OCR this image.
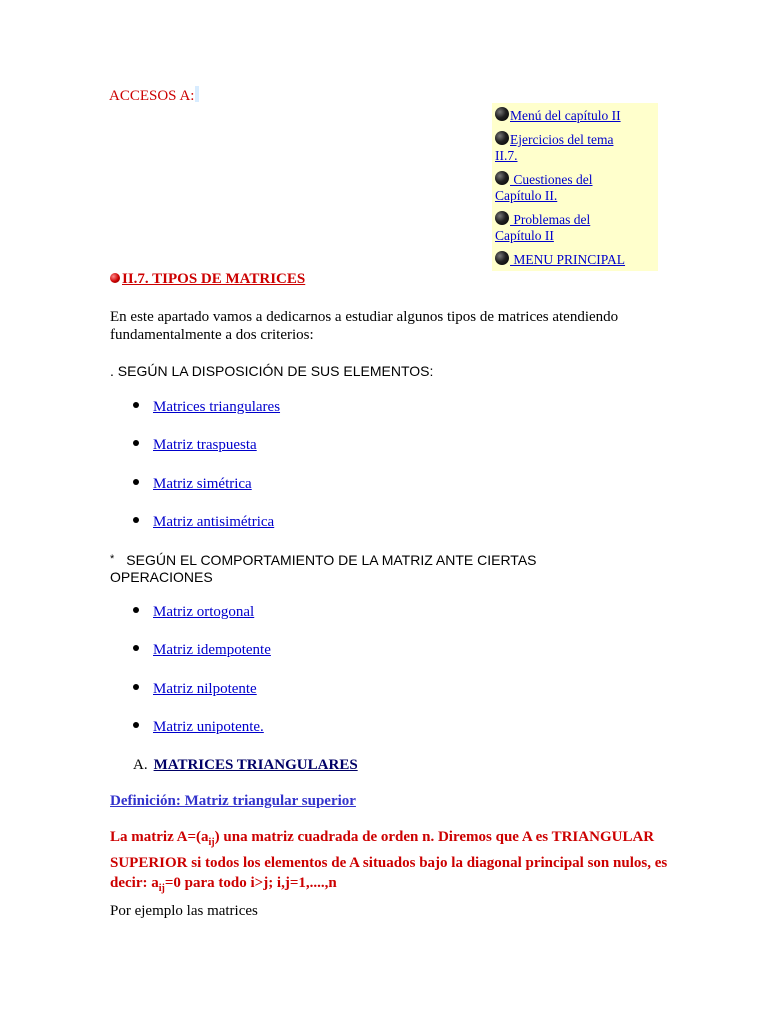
ACCESOS A:
Menú del capítulo II
Ejercicios del tema
II.7.
Cuestiones del
Capítulo II.
Problemas del
Capítulo II
MENU PRINCIPAL
II.7. TIPOS DE MATRICES
En este apartado vamos a dedicarnos a estudiar algunos tipos de matrices atendiendo fundamentalmente a dos criterios:
. SEGÚN LA DISPOSICIÓN DE SUS ELEMENTOS:
Matrices triangulares
Matriz traspuesta
Matriz simétrica
Matriz antisimétrica
* SEGÚN EL COMPORTAMIENTO DE LA MATRIZ ANTE CIERTAS OPERACIONES
Matriz ortogonal
Matriz idempotente
Matriz nilpotente
Matriz unipotente.
A. MATRICES TRIANGULARES
Definición: Matriz triangular superior
La matriz $A=(a_{ij})$ una matriz cuadrada de orden n. Diremos que A es TRIANGULAR SUPERIOR si todos los elementos de A situados bajo la diagonal principal son nulos, es decir: $a_{ij}=0$ para todo i>j; i,j=1,....,n
Por ejemplo las matrices
